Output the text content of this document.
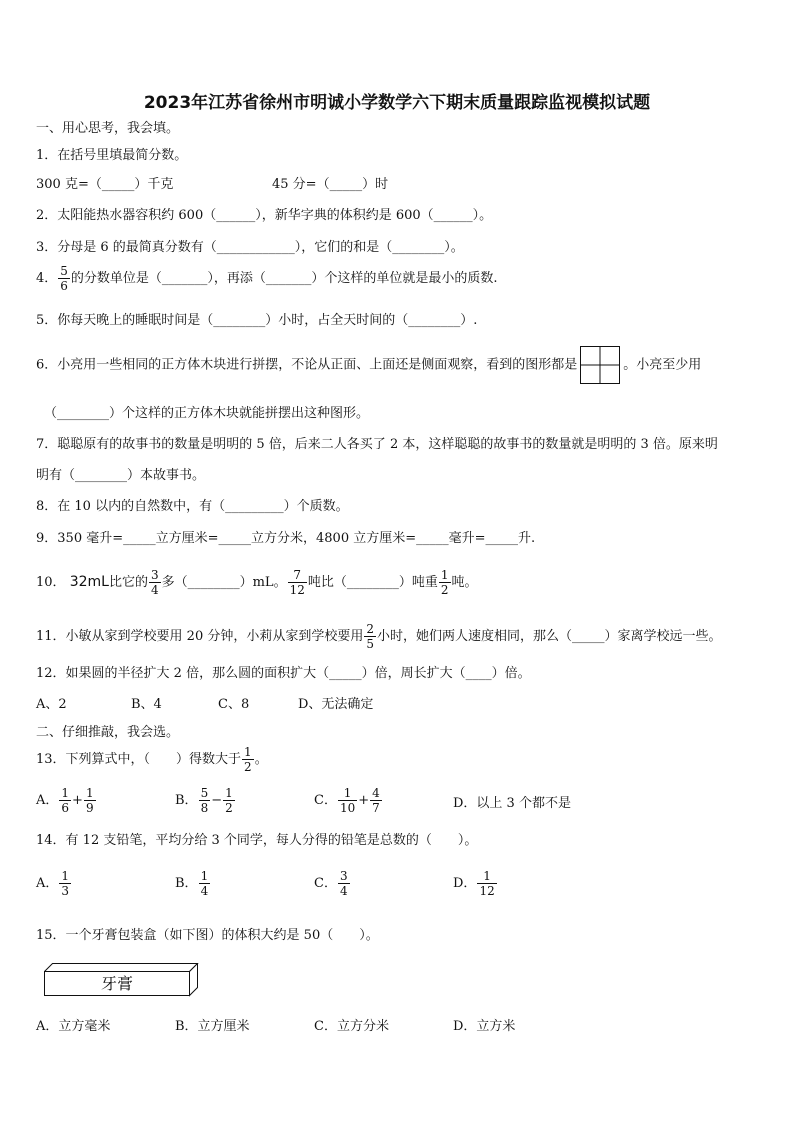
2023年江苏省徐州市明诚小学数学六下期末质量跟踪监视模拟试题
一、用心思考，我会填。
1．在括号里填最简分数。
300 克=（_____）千克	45 分=（_____）时
2．太阳能热水器容积约 600（______），新华字典的体积约是 600（______）。
3．分母是 6 的最简真分数有（____________），它们的和是（________）。
4． $\frac{5}{6}$ 的分数单位是（_______），再添（_______）个这样的单位就是最小的质数.
5．你每天晚上的睡眠时间是（________）小时，占全天时间的（________）.
6．小亮用一些相同的正方体木块进行拼摆，不论从正面、上面还是侧面观察，看到的图形都是	。小亮至少用
（________）个这样的正方体木块就能拼摆出这种图形。
7．聪聪原有的故事书的数量是明明的 5 倍，后来二人各买了 2 本，这样聪聪的故事书的数量就是明明的 3 倍。原来明
明有（________）本故事书。
8．在 10 以内的自然数中，有（_________）个质数。
9．350 毫升=_____立方厘米=_____立方分米，4800 立方厘米=_____毫升=_____升.
10． 32mL比它的 $\frac{3}{4}$ 多（________）mL。 $\frac{7}{12}$ 吨比（________）吨重 $\frac{1}{2}$ 吨。
11．小敏从家到学校要用 20 分钟，小莉从家到学校要用 $\frac{2}{5}$ 小时，她们两人速度相同，那么（_____）家离学校远一些。
12．如果圆的半径扩大 2 倍，那么圆的面积扩大（_____）倍，周长扩大（____）倍。
A、2	B、4	C、8	D、无法确定
二、仔细推敲，我会选。
13．下列算式中，（　　）得数大于 $\frac{1}{2}$ 。
A． $\frac{1}{6} + \frac{1}{9}$	B． $\frac{5}{8} - \frac{1}{2}$	C． $\frac{1}{10} + \frac{4}{7}$	D．以上 3 个都不是
14．有 12 支铅笔，平均分给 3 个同学，每人分得的铅笔是总数的（　　）。
A． $\frac{1}{3}$	B． $\frac{1}{4}$	C． $\frac{3}{4}$	D． $\frac{1}{12}$
15．一个牙膏包装盒（如下图）的体积大约是 50（　　）。
牙膏
A．立方毫米	B．立方厘米	C．立方分米	D．立方米
